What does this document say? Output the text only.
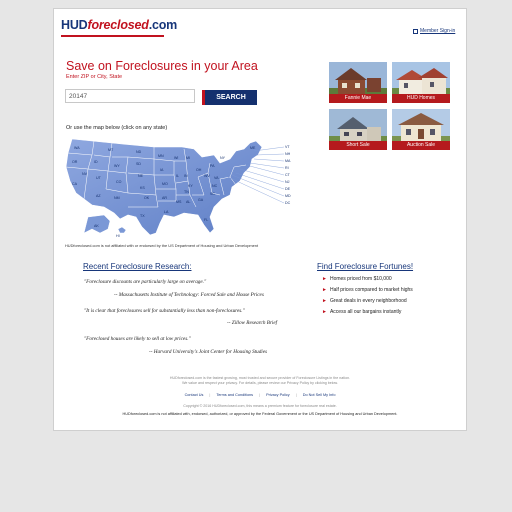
HUDforeclosed.com	Member Sign-in
Save on Foreclosures in your Area
Enter ZIP or City, State
20147
SEARCH
Or use the map below (click on any state)
WA
OR
CA
NV
ID
MT
WY
UT
AZ
CO
NM
ND
SD
NE
KS
OK
TX
MN
IA
MO
AR
LA
WI
IL
MS
MI
IN
KY
TN
AL
OH
GA
FL
SC
NC
VA
WV
PA
NY
ME
AK
HI
VT
NH
MA
RI
CT
NJ
DE
MD
DC
HUDforeclosed.com is not affiliated with or endorsed by the US Department of Housing and Urban Development
Fannie Mae	HUD Homes
Short Sale	Auction Sale
Recent Foreclosure Research:
"Foreclosure discounts are particularly large on average."
-- Massachusetts Institute of Technology: Forced Sale and House Prices
"It is clear that foreclosures sell for substantially less than non-foreclosures."
-- Zillow Research Brief
"Foreclosed houses are likely to sell at low prices."
-- Harvard University's Joint Center for Housing Studies
Find Foreclosure Fortunes!
► Homes priced from $10,000
► Half prices compared to market highs
► Great deals in every neighborhood
► Access all our bargains instantly
HUDforeclosed.com is the fastest growing, most trusted and secure provider of Foreclosure Listings in the nation.
We value and respect your privacy. For details, please review our Privacy Policy by clicking below.
Copyright © 2016 HUDforeclosed.com, this means a premium feature for foreclosure real estate.
Contact Us | Terms and Conditions | Privacy Policy | Do Not Sell My Info
HUDforeclosed.com is not affiliated with, endorsed, authorized, or approved by the Federal Government or the US Department of Housing and Urban Development.
